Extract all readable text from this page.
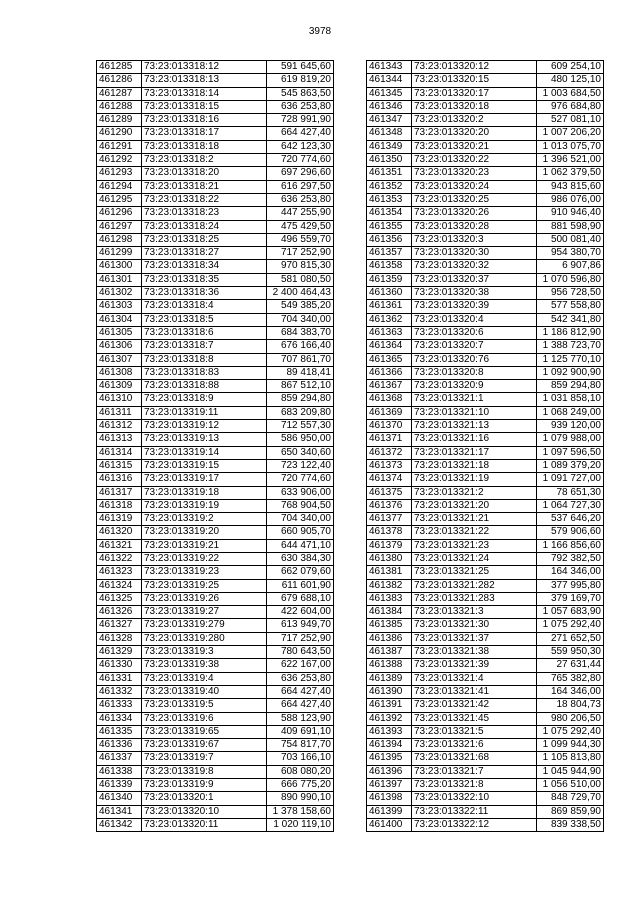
3978
461285	73:23:013318:12	591 645,60
461286	73:23:013318:13	619 819,20
461287	73:23:013318:14	545 863,50
461288	73:23:013318:15	636 253,80
461289	73:23:013318:16	728 991,90
461290	73:23:013318:17	664 427,40
461291	73:23:013318:18	642 123,30
461292	73:23:013318:2	720 774,60
461293	73:23:013318:20	697 296,60
461294	73:23:013318:21	616 297,50
461295	73:23:013318:22	636 253,80
461296	73:23:013318:23	447 255,90
461297	73:23:013318:24	475 429,50
461298	73:23:013318:25	496 559,70
461299	73:23:013318:27	717 252,90
461300	73:23:013318:34	970 815,30
461301	73:23:013318:35	581 080,50
461302	73:23:013318:36	2 400 464,43
461303	73:23:013318:4	549 385,20
461304	73:23:013318:5	704 340,00
461305	73:23:013318:6	684 383,70
461306	73:23:013318:7	676 166,40
461307	73:23:013318:8	707 861,70
461308	73:23:013318:83	89 418,41
461309	73:23:013318:88	867 512,10
461310	73:23:013318:9	859 294,80
461311	73:23:013319:11	683 209,80
461312	73:23:013319:12	712 557,30
461313	73:23:013319:13	586 950,00
461314	73:23:013319:14	650 340,60
461315	73:23:013319:15	723 122,40
461316	73:23:013319:17	720 774,60
461317	73:23:013319:18	633 906,00
461318	73:23:013319:19	768 904,50
461319	73:23:013319:2	704 340,00
461320	73:23:013319:20	660 905,70
461321	73:23:013319:21	644 471,10
461322	73:23:013319:22	630 384,30
461323	73:23:013319:23	662 079,60
461324	73:23:013319:25	611 601,90
461325	73:23:013319:26	679 688,10
461326	73:23:013319:27	422 604,00
461327	73:23:013319:279	613 949,70
461328	73:23:013319:280	717 252,90
461329	73:23:013319:3	780 643,50
461330	73:23:013319:38	622 167,00
461331	73:23:013319:4	636 253,80
461332	73:23:013319:40	664 427,40
461333	73:23:013319:5	664 427,40
461334	73:23:013319:6	588 123,90
461335	73:23:013319:65	409 691,10
461336	73:23:013319:67	754 817,70
461337	73:23:013319:7	703 166,10
461338	73:23:013319:8	608 080,20
461339	73:23:013319:9	666 775,20
461340	73:23:013320:1	890 990,10
461341	73:23:013320:10	1 378 158,60
461342	73:23:013320:11	1 020 119,10
461343	73:23:013320:12	609 254,10
461344	73:23:013320:15	480 125,10
461345	73:23:013320:17	1 003 684,50
461346	73:23:013320:18	976 684,80
461347	73:23:013320:2	527 081,10
461348	73:23:013320:20	1 007 206,20
461349	73:23:013320:21	1 013 075,70
461350	73:23:013320:22	1 396 521,00
461351	73:23:013320:23	1 062 379,50
461352	73:23:013320:24	943 815,60
461353	73:23:013320:25	986 076,00
461354	73:23:013320:26	910 946,40
461355	73:23:013320:28	881 598,90
461356	73:23:013320:3	500 081,40
461357	73:23:013320:30	954 380,70
461358	73:23:013320:32	6 907,86
461359	73:23:013320:37	1 070 596,80
461360	73:23:013320:38	956 728,50
461361	73:23:013320:39	577 558,80
461362	73:23:013320:4	542 341,80
461363	73:23:013320:6	1 186 812,90
461364	73:23:013320:7	1 388 723,70
461365	73:23:013320:76	1 125 770,10
461366	73:23:013320:8	1 092 900,90
461367	73:23:013320:9	859 294,80
461368	73:23:013321:1	1 031 858,10
461369	73:23:013321:10	1 068 249,00
461370	73:23:013321:13	939 120,00
461371	73:23:013321:16	1 079 988,00
461372	73:23:013321:17	1 097 596,50
461373	73:23:013321:18	1 089 379,20
461374	73:23:013321:19	1 091 727,00
461375	73:23:013321:2	78 651,30
461376	73:23:013321:20	1 064 727,30
461377	73:23:013321:21	537 646,20
461378	73:23:013321:22	579 906,60
461379	73:23:013321:23	1 166 856,60
461380	73:23:013321:24	792 382,50
461381	73:23:013321:25	164 346,00
461382	73:23:013321:282	377 995,80
461383	73:23:013321:283	379 169,70
461384	73:23:013321:3	1 057 683,90
461385	73:23:013321:30	1 075 292,40
461386	73:23:013321:37	271 652,50
461387	73:23:013321:38	559 950,30
461388	73:23:013321:39	27 631,44
461389	73:23:013321:4	765 382,80
461390	73:23:013321:41	164 346,00
461391	73:23:013321:42	18 804,73
461392	73:23:013321:45	980 206,50
461393	73:23:013321:5	1 075 292,40
461394	73:23:013321:6	1 099 944,30
461395	73:23:013321:68	1 105 813,80
461396	73:23:013321:7	1 045 944,90
461397	73:23:013321:8	1 056 510,00
461398	73:23:013322:10	848 729,70
461399	73:23:013322:11	869 859,90
461400	73:23:013322:12	839 338,50
